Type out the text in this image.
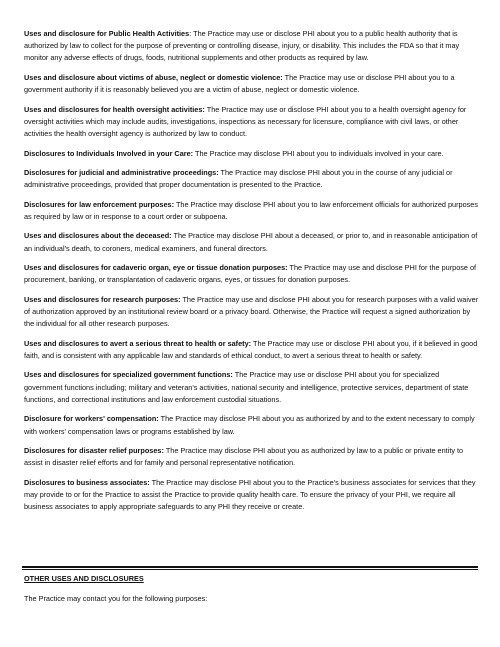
Uses and disclosure for Public Health Activities: The Practice may use or disclose PHI about you to a public health authority that is authorized by law to collect for the purpose of preventing or controlling disease, injury, or disability. This includes the FDA so that it may monitor any adverse effects of drugs, foods, nutritional supplements and other products as required by law.

Uses and disclosure about victims of abuse, neglect or domestic violence: The Practice may use or disclose PHI about you to a government authority if it is reasonably believed you are a victim of abuse, neglect or domestic violence.

Uses and disclosures for health oversight activities: The Practice may use or disclose PHI about you to a health oversight agency for oversight activities which may include audits, investigations, inspections as necessary for licensure, compliance with civil laws, or other activities the health oversight agency is authorized by law to conduct.

Disclosures to Individuals Involved in your Care: The Practice may disclose PHI about you to individuals involved in your care.

Disclosures for judicial and administrative proceedings: The Practice may disclose PHI about you in the course of any judicial or administrative proceedings, provided that proper documentation is presented to the Practice.

Disclosures for law enforcement purposes: The Practice may disclose PHI about you to law enforcement officials for authorized purposes as required by law or in response to a court order or subpoena.

Uses and disclosures about the deceased: The Practice may disclose PHI about a deceased, or prior to, and in reasonable anticipation of an individual's death, to coroners, medical examiners, and funeral directors.

Uses and disclosures for cadaveric organ, eye or tissue donation purposes: The Practice may use and disclose PHI for the purpose of procurement, banking, or transplantation of cadaveric organs, eyes, or tissues for donation purposes.

Uses and disclosures for research purposes: The Practice may use and disclose PHI about you for research purposes with a valid waiver of authorization approved by an institutional review board or a privacy board. Otherwise, the Practice will request a signed authorization by the individual for all other research purposes.

Uses and disclosures to avert a serious threat to health or safety: The Practice may use or disclose PHI about you, if it believed in good faith, and is consistent with any applicable law and standards of ethical conduct, to avert a serious threat to health or safety.

Uses and disclosures for specialized government functions: The Practice may use or disclose PHI about you for specialized government functions including; military and veteran's activities, national security and intelligence, protective services, department of state functions, and correctional institutions and law enforcement custodial situations.

Disclosure for workers' compensation: The Practice may disclose PHI about you as authorized by and to the extent necessary to comply with workers' compensation laws or programs established by law.

Disclosures for disaster relief purposes: The Practice may disclose PHI about you as authorized by law to a public or private entity to assist in disaster relief efforts and for family and personal representative notification.

Disclosures to business associates: The Practice may disclose PHI about you to the Practice's business associates for services that they may provide to or for the Practice to assist the Practice to provide quality health care. To ensure the privacy of your PHI, we require all business associates to apply appropriate safeguards to any PHI they receive or create.

OTHER USES AND DISCLOSURES
The Practice may contact you for the following purposes:
